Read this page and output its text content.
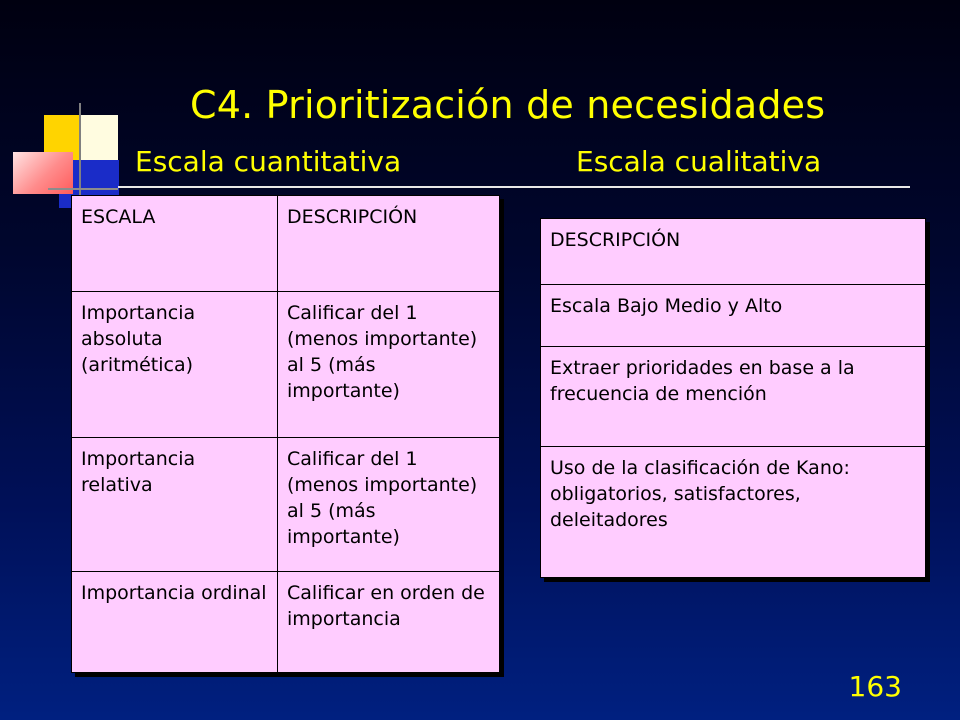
C4. Prioritización de necesidades
Escala cuantitativa	Escala cualitativa
ESCALA	DESCRIPCIÓN
Importancia absoluta (aritmética)	Calificar del 1 (menos importante) al 5 (más importante)
Importancia relativa	Calificar del 1 (menos importante) al 5 (más importante)
Importancia ordinal	Calificar en orden de importancia
DESCRIPCIÓN
Escala Bajo Medio y Alto
Extraer prioridades en base a la frecuencia de mención
Uso de la clasificación de Kano: obligatorios, satisfactores, deleitadores

163
